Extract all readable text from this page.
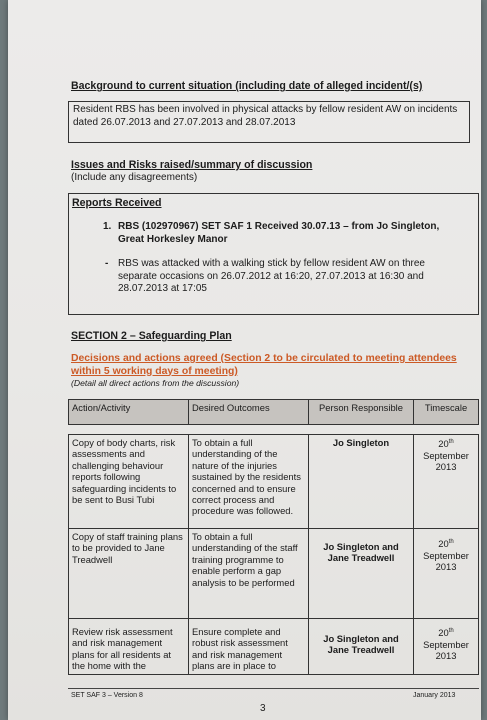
Background to current situation (including date of alleged incident/(s)
Resident RBS has been involved in physical attacks by fellow resident AW on incidents dated 26.07.2013 and 27.07.2013 and 28.07.2013
Issues and Risks raised/summary of discussion
(Include any disagreements)
Reports Received
1. RBS (102970967) SET SAF 1 Received 30.07.13 – from Jo Singleton, Great Horkesley Manor
- RBS was attacked with a walking stick by fellow resident AW on three separate occasions on 26.07.2012 at 16:20, 27.07.2013 at 16:30 and 28.07.2013 at 17:05
SECTION 2 – Safeguarding Plan
Decisions and actions agreed (Section 2 to be circulated to meeting attendees within 5 working days of meeting)
(Detail all direct actions from the discussion)
Action/Activity	Desired Outcomes	Person Responsible	Timescale
Copy of body charts, risk assessments and challenging behaviour reports following safeguarding incidents to be sent to Busi Tubi	To obtain a full understanding of the nature of the injuries sustained by the residents concerned and to ensure correct process and procedure was followed.	Jo Singleton	20th
September
2013
Copy of staff training plans to be provided to Jane Treadwell	To obtain a full understanding of the staff training programme to enable perform a gap analysis to be performed	Jo Singleton and Jane Treadwell	20th
September
2013
Review risk assessment and risk management plans for all residents at the home with the	Ensure complete and robust risk assessment and risk management plans are in place to	Jo Singleton and Jane Treadwell	20th
September
2013
SET SAF 3 – Version 8	January 2013
3
